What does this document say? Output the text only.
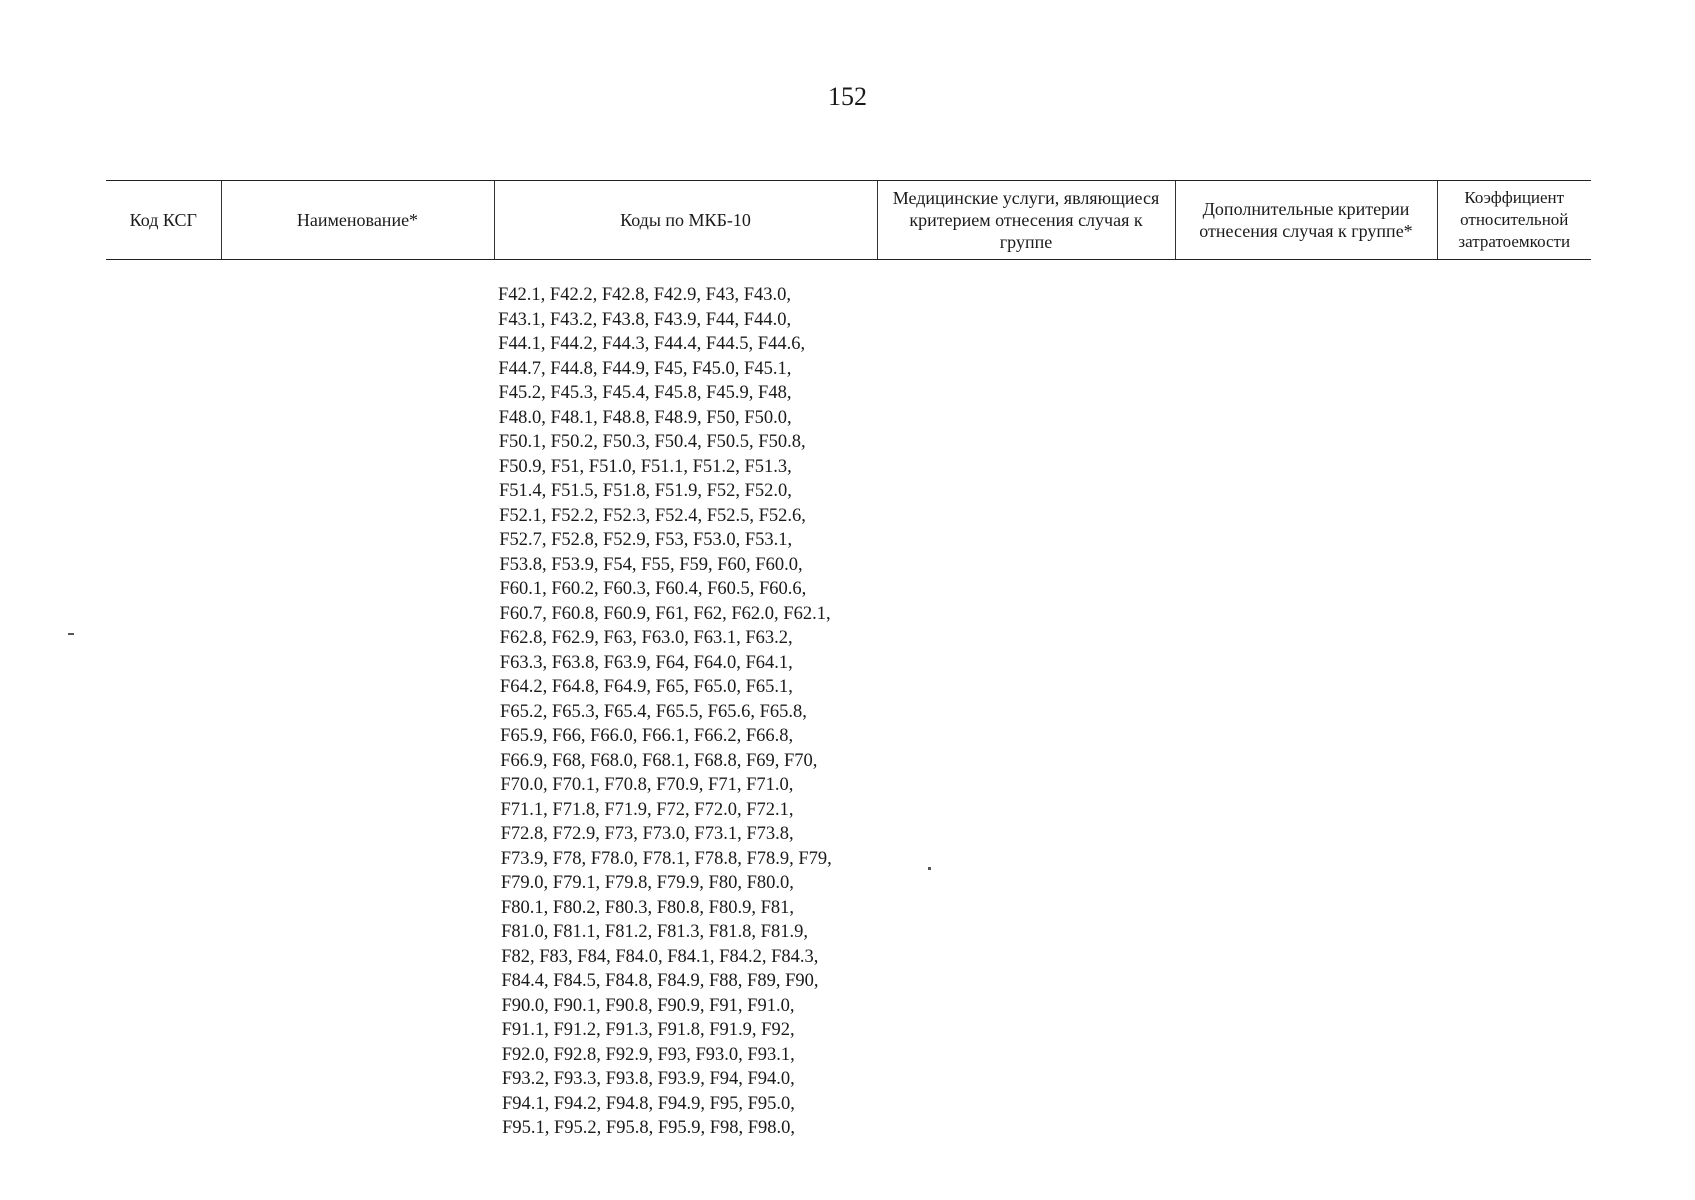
152
Код КСГ	Наименование*	Коды по МКБ-10	Медицинские услуги, являющиеся критерием отнесения случая к группе	Дополнительные критерии отнесения случая к группе*	Коэффициент относительной затратоемкости
F42.1, F42.2, F42.8, F42.9, F43, F43.0,
F43.1, F43.2, F43.8, F43.9, F44, F44.0,
F44.1, F44.2, F44.3, F44.4, F44.5, F44.6,
F44.7, F44.8, F44.9, F45, F45.0, F45.1,
F45.2, F45.3, F45.4, F45.8, F45.9, F48,
F48.0, F48.1, F48.8, F48.9, F50, F50.0,
F50.1, F50.2, F50.3, F50.4, F50.5, F50.8,
F50.9, F51, F51.0, F51.1, F51.2, F51.3,
F51.4, F51.5, F51.8, F51.9, F52, F52.0,
F52.1, F52.2, F52.3, F52.4, F52.5, F52.6,
F52.7, F52.8, F52.9, F53, F53.0, F53.1,
F53.8, F53.9, F54, F55, F59, F60, F60.0,
F60.1, F60.2, F60.3, F60.4, F60.5, F60.6,
F60.7, F60.8, F60.9, F61, F62, F62.0, F62.1,
F62.8, F62.9, F63, F63.0, F63.1, F63.2,
F63.3, F63.8, F63.9, F64, F64.0, F64.1,
F64.2, F64.8, F64.9, F65, F65.0, F65.1,
F65.2, F65.3, F65.4, F65.5, F65.6, F65.8,
F65.9, F66, F66.0, F66.1, F66.2, F66.8,
F66.9, F68, F68.0, F68.1, F68.8, F69, F70,
F70.0, F70.1, F70.8, F70.9, F71, F71.0,
F71.1, F71.8, F71.9, F72, F72.0, F72.1,
F72.8, F72.9, F73, F73.0, F73.1, F73.8,
F73.9, F78, F78.0, F78.1, F78.8, F78.9, F79,
F79.0, F79.1, F79.8, F79.9, F80, F80.0,
F80.1, F80.2, F80.3, F80.8, F80.9, F81,
F81.0, F81.1, F81.2, F81.3, F81.8, F81.9,
F82, F83, F84, F84.0, F84.1, F84.2, F84.3,
F84.4, F84.5, F84.8, F84.9, F88, F89, F90,
F90.0, F90.1, F90.8, F90.9, F91, F91.0,
F91.1, F91.2, F91.3, F91.8, F91.9, F92,
F92.0, F92.8, F92.9, F93, F93.0, F93.1,
F93.2, F93.3, F93.8, F93.9, F94, F94.0,
F94.1, F94.2, F94.8, F94.9, F95, F95.0,
F95.1, F95.2, F95.8, F95.9, F98, F98.0,
